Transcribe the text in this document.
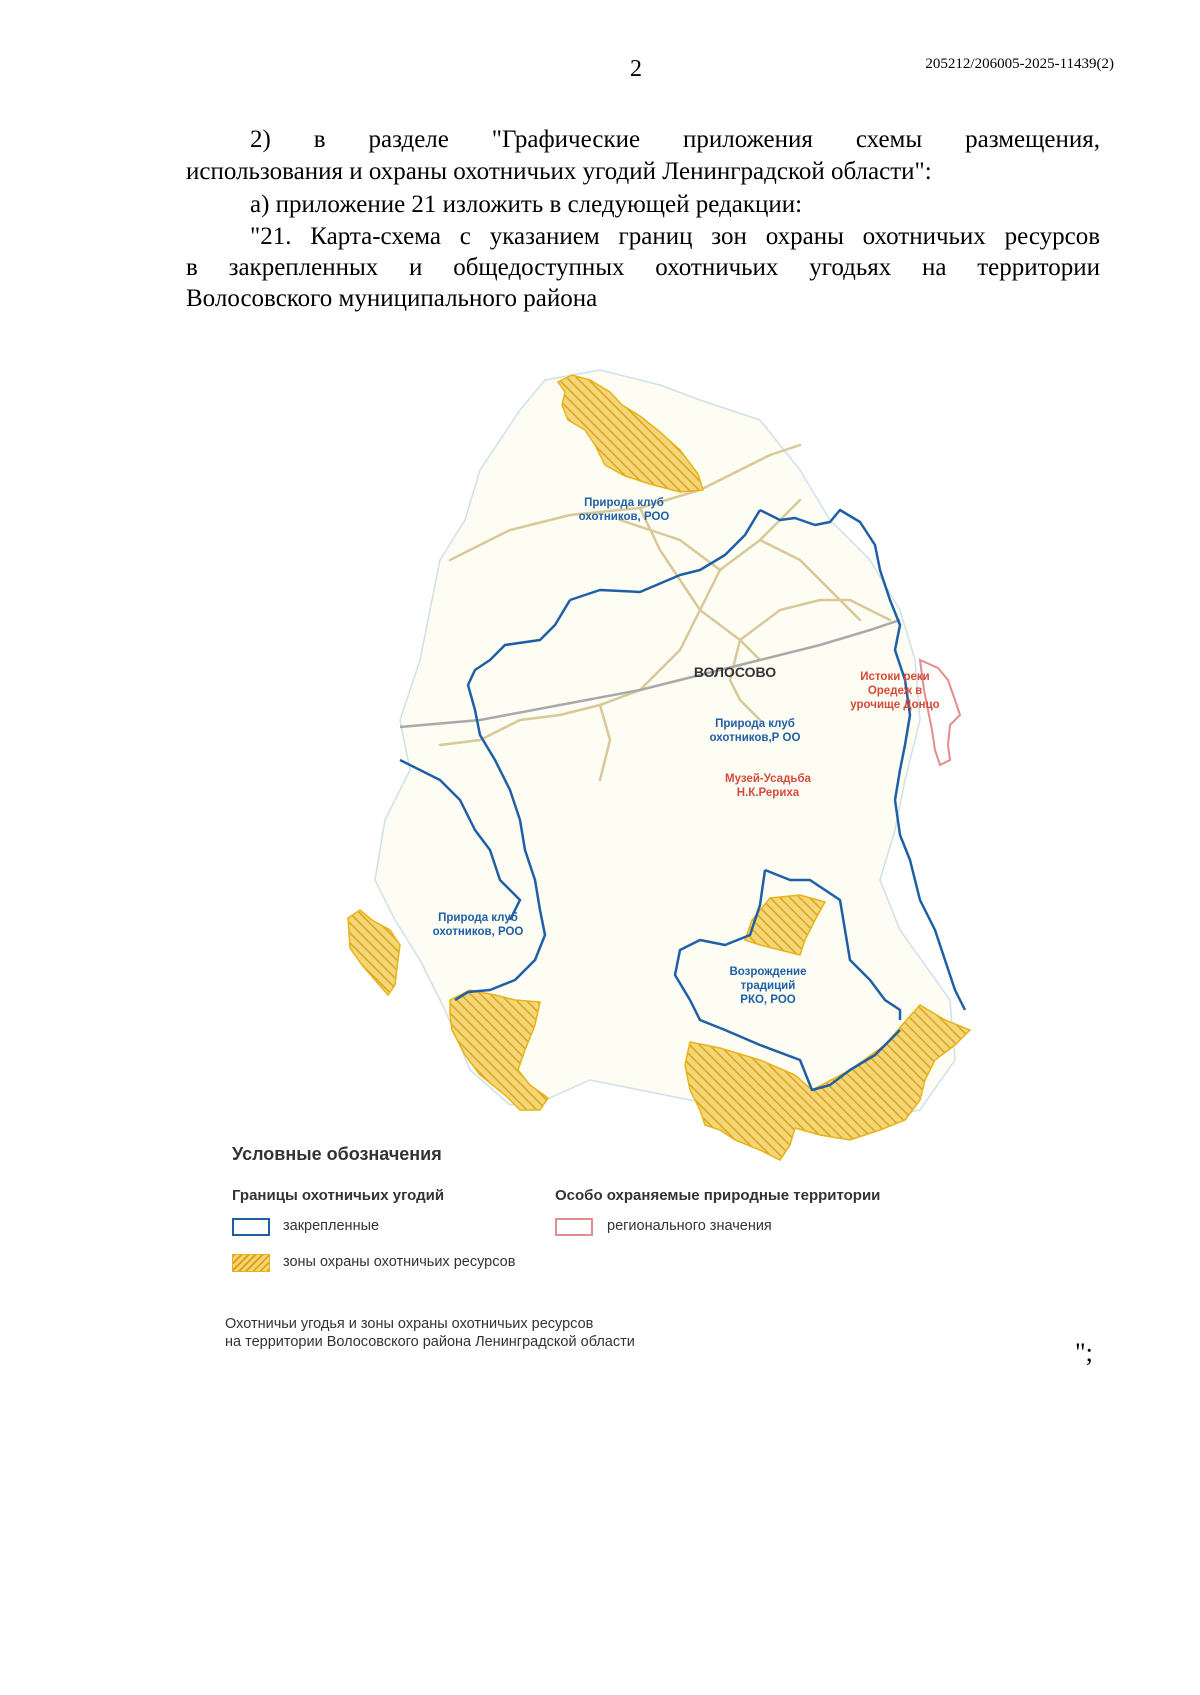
2	205212/206005-2025-11439(2)
2) в разделе "Графические приложения схемы размещения,
использования и охраны охотничьих угодий Ленинградской области":
а) приложение 21 изложить в следующей редакции:
"21. Карта-схема с указанием границ зон охраны охотничьих ресурсов
в закрепленных и общедоступных охотничьих угодьях на территории
Волосовского муниципального района
Природа клуб
охотников, РОО
ВОЛОСОВО
Природа клуб
охотников,Р ОО
Истоки реки
Оредеж в
урочище Донцо
Музей-Усадьба
Н.К.Рериха
Природа клуб
охотников, РОО
Возрождение
традиций
РКО, РОО
Условные обозначения
Границы охотничьих угодий	Особо охраняемые природные территории
закрепленные
зоны охраны охотничьих ресурсов
регионального значения
Охотничьи угодья и зоны охраны охотничьих ресурсов
на территории Волосовского района Ленинградской области	";
